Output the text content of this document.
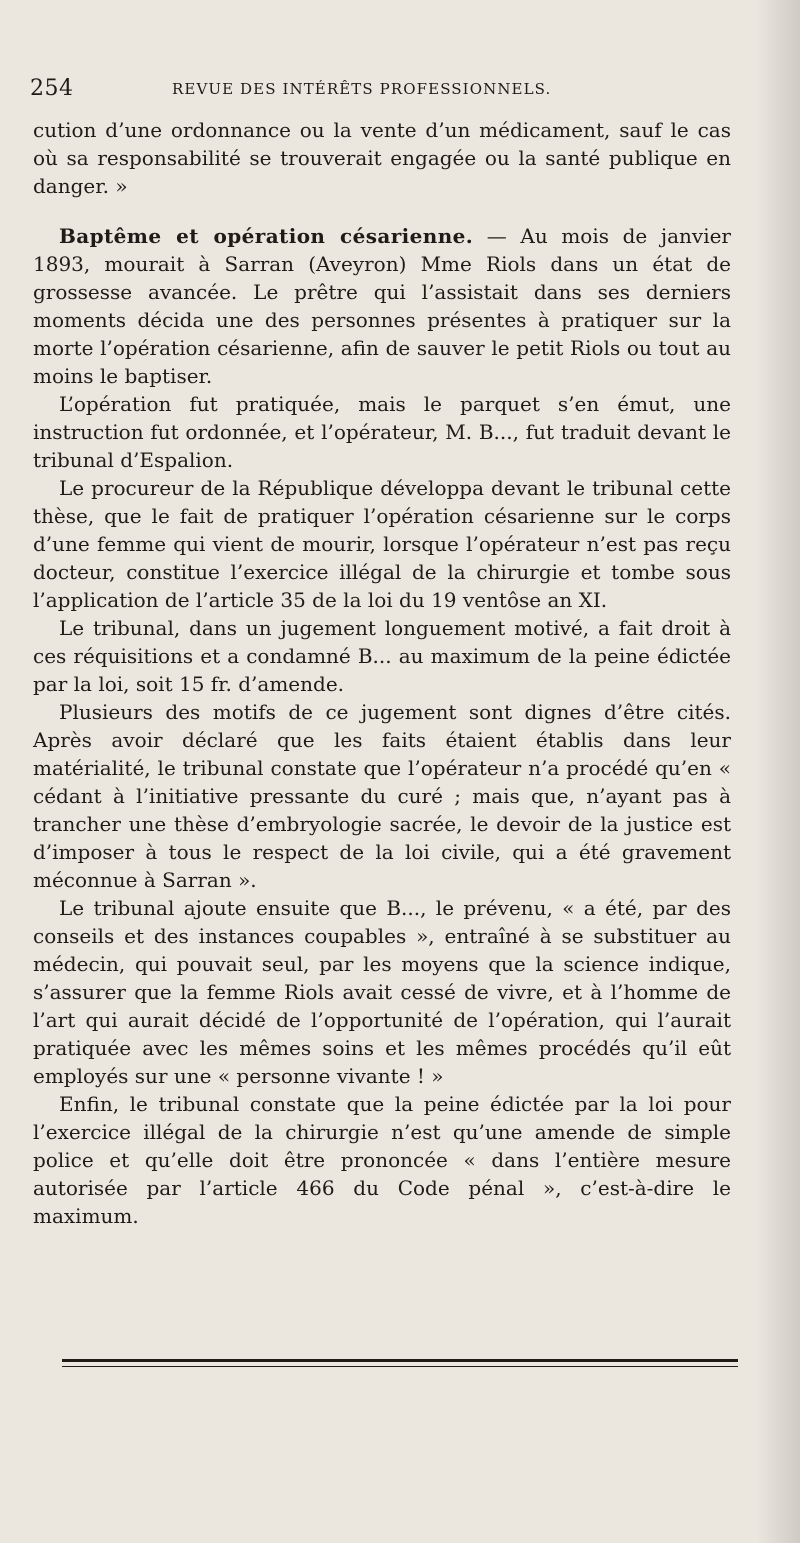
254	REVUE DES INTÉRÊTS PROFESSIONNELS.

cution d’une ordonnance ou la vente d’un médicament, sauf le cas où sa responsabilité se trouverait engagée ou la santé publique en danger. »

Baptême et opération césarienne. — Au mois de janvier 1893, mourait à Sarran (Aveyron) Mme Riols dans un état de grossesse avancée. Le prêtre qui l’assistait dans ses derniers moments décida une des personnes présentes à pratiquer sur la morte l’opération césarienne, afin de sauver le petit Riols ou tout au moins le baptiser.

L’opération fut pratiquée, mais le parquet s’en émut, une instruction fut ordonnée, et l’opérateur, M. B..., fut traduit devant le tribunal d’Espalion.

Le procureur de la République développa devant le tribunal cette thèse, que le fait de pratiquer l’opération césarienne sur le corps d’une femme qui vient de mourir, lorsque l’opérateur n’est pas reçu docteur, constitue l’exercice illégal de la chirurgie et tombe sous l’application de l’article 35 de la loi du 19 ventôse an XI.

Le tribunal, dans un jugement longuement motivé, a fait droit à ces réquisitions et a condamné B... au maximum de la peine édictée par la loi, soit 15 fr. d’amende.

Plusieurs des motifs de ce jugement sont dignes d’être cités. Après avoir déclaré que les faits étaient établis dans leur matérialité, le tribunal constate que l’opérateur n’a procédé qu’en « cédant à l’initiative pressante du curé ; mais que, n’ayant pas à trancher une thèse d’embryologie sacrée, le devoir de la justice est d’imposer à tous le respect de la loi civile, qui a été gravement méconnue à Sarran ».

Le tribunal ajoute ensuite que B..., le prévenu, « a été, par des conseils et des instances coupables », entraîné à se substituer au médecin, qui pouvait seul, par les moyens que la science indique, s’assurer que la femme Riols avait cessé de vivre, et à l’homme de l’art qui aurait décidé de l’opportunité de l’opération, qui l’aurait pratiquée avec les mêmes soins et les mêmes procédés qu’il eût employés sur une « personne vivante ! »

Enfin, le tribunal constate que la peine édictée par la loi pour l’exercice illégal de la chirurgie n’est qu’une amende de simple police et qu’elle doit être prononcée « dans l’entière mesure autorisée par l’article 466 du Code pénal », c’est-à-dire le maximum.
